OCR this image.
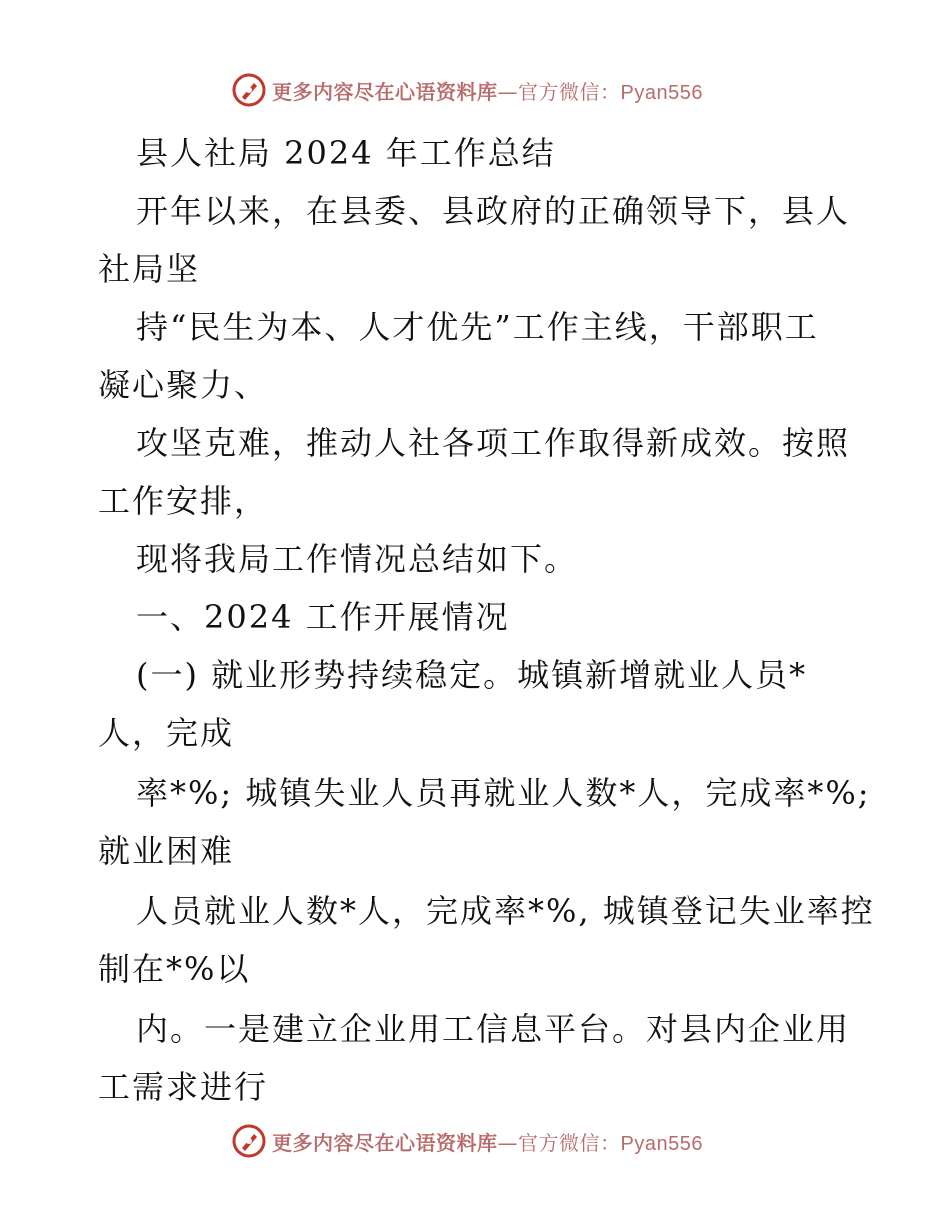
更多内容尽在心语资料库—官方微信：Pyan556
县人社局 2024 年工作总结
开年以来，在县委、县政府的正确领导下，县人
社局坚
持“民生为本、人才优先”工作主线，干部职工
凝心聚力、
攻坚克难，推动人社各项工作取得新成效。按照
工作安排，
现将我局工作情况总结如下。
一、2024 工作开展情况
(一) 就业形势持续稳定。城镇新增就业人员*
人，完成
率*%; 城镇失业人员再就业人数*人，完成率*%;
就业困难
人员就业人数*人，完成率*%, 城镇登记失业率控
制在*%以
内。一是建立企业用工信息平台。对县内企业用
工需求进行
更多内容尽在心语资料库—官方微信：Pyan556
